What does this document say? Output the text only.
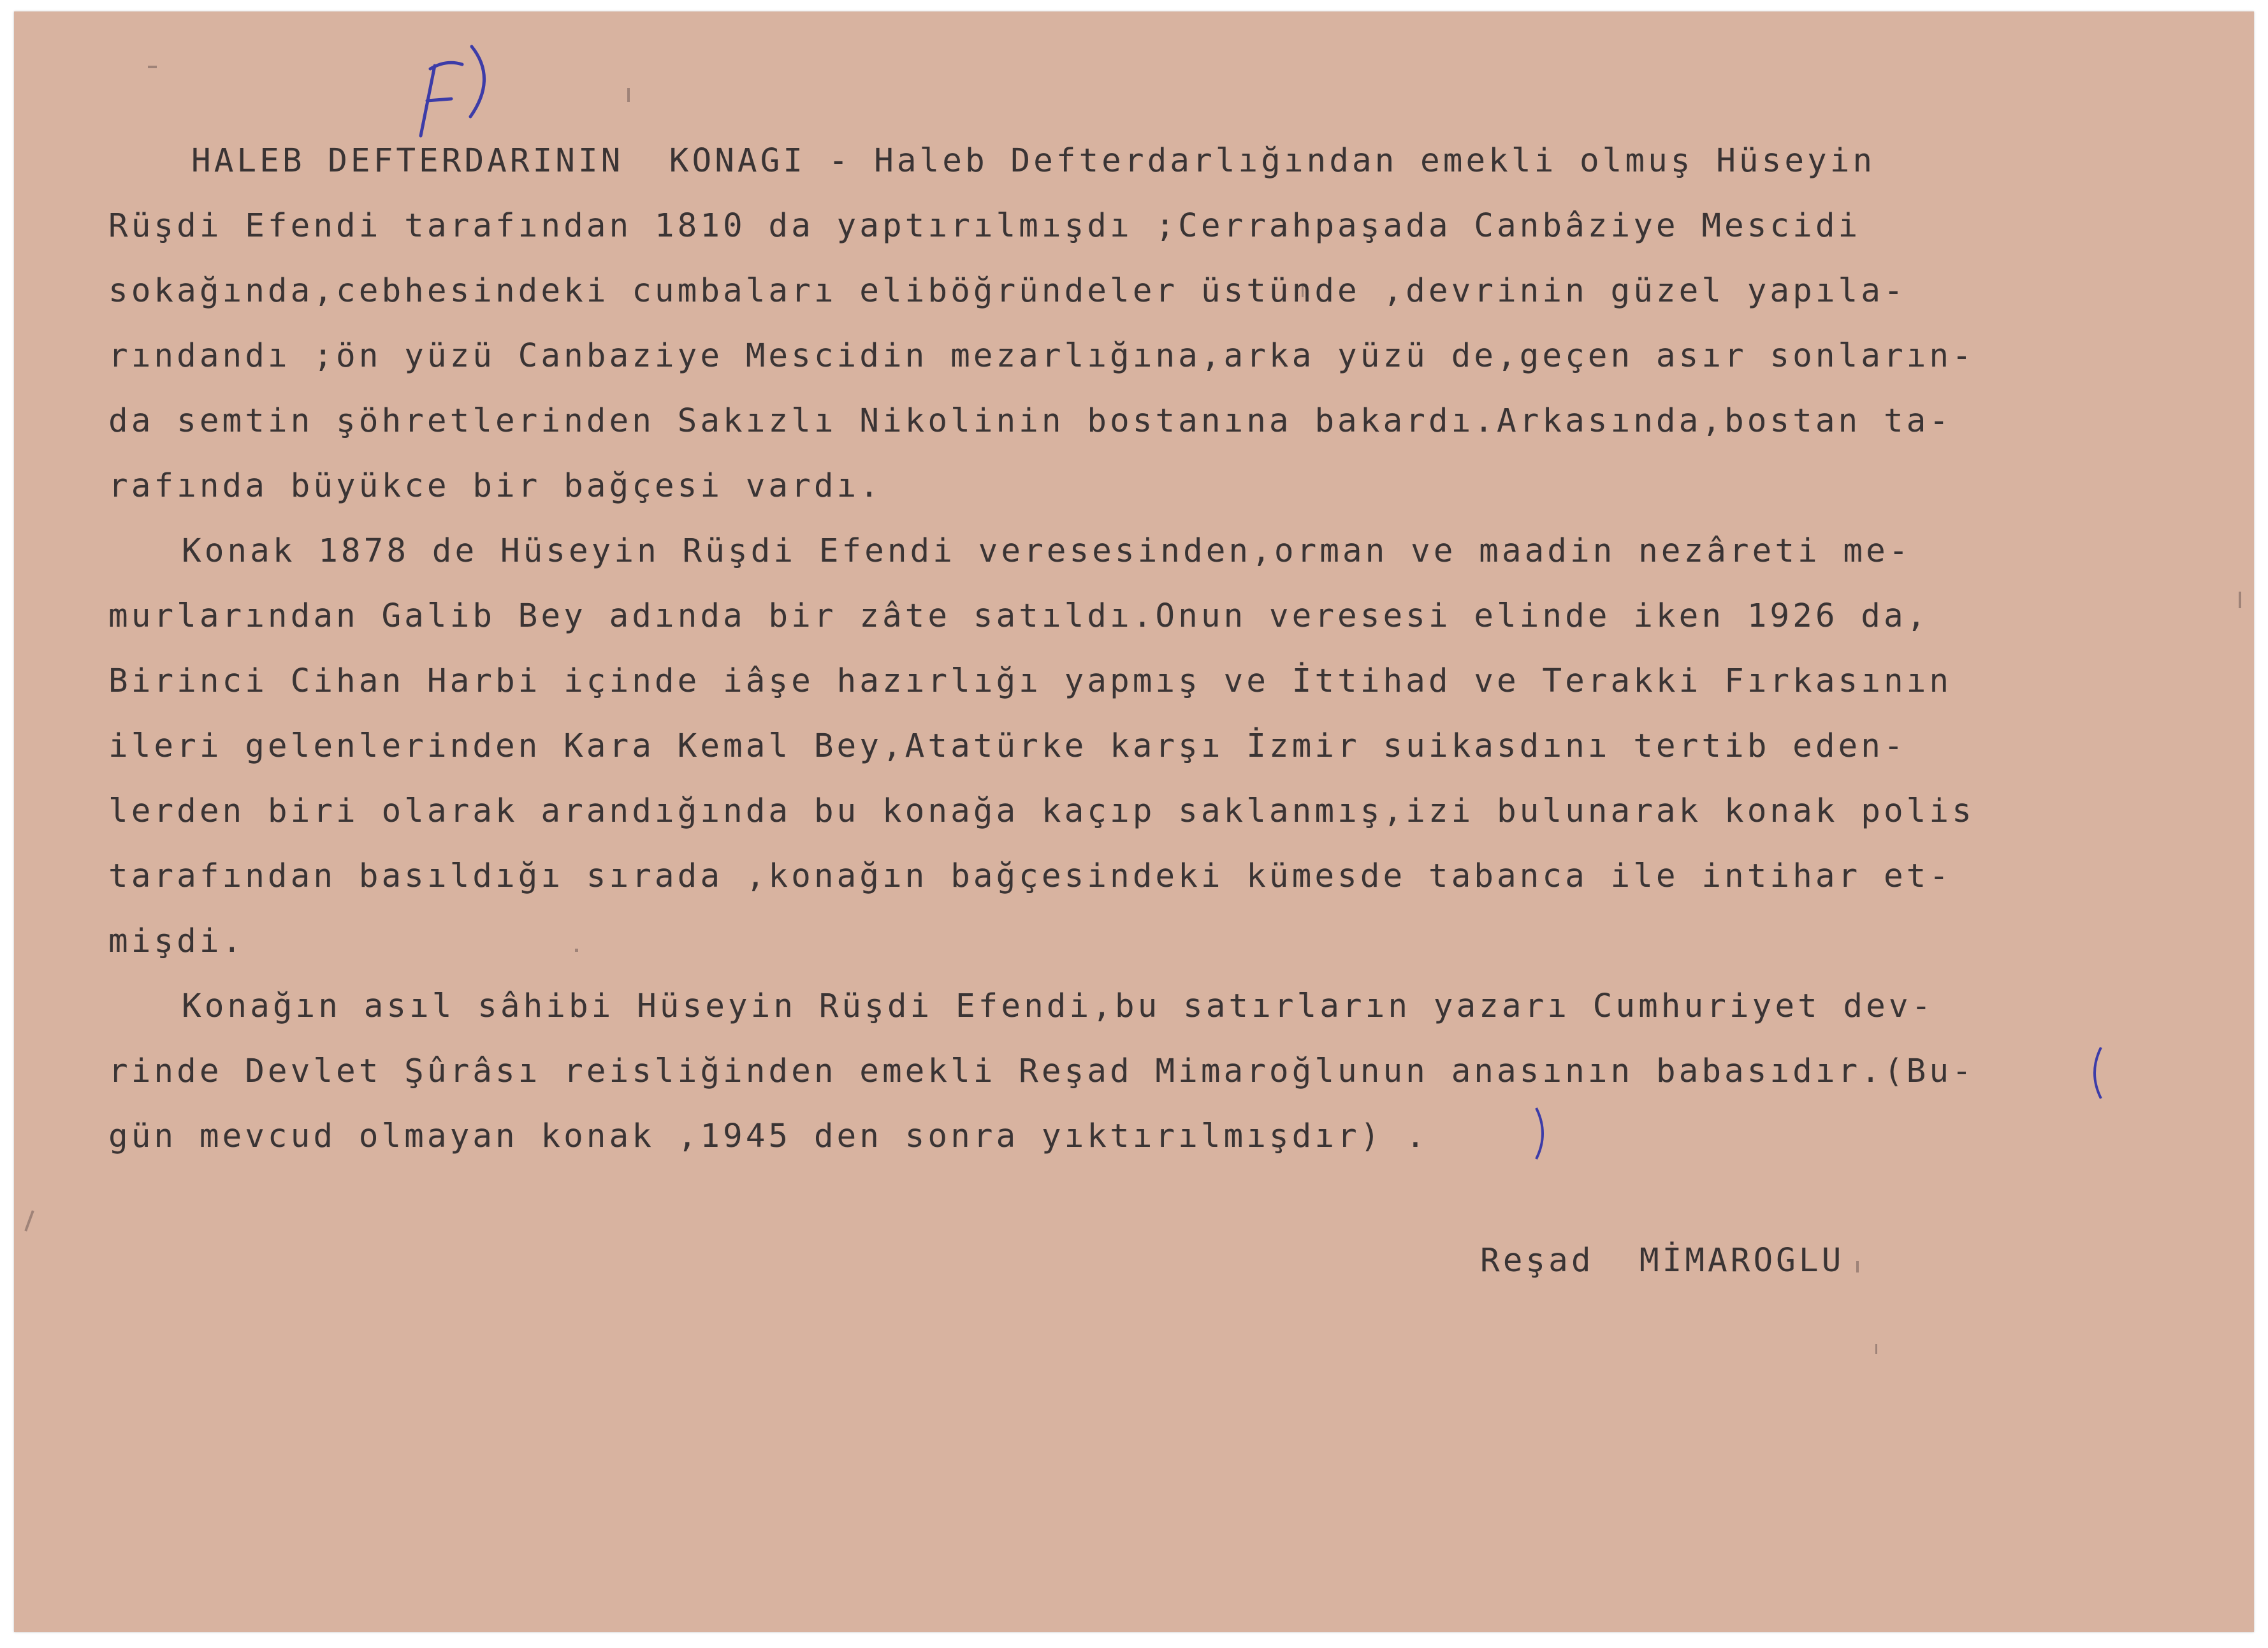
HALEB DEFTERDARININ  KONAGI - Haleb Defterdarlığından emekli olmuş Hüseyin
Rüşdi Efendi tarafından 1810 da yaptırılmışdı ;Cerrahpaşada Canbâziye Mescidi
sokağında,cebhesindeki cumbaları eliböğründeler üstünde ,devrinin güzel yapıla-
rındandı ;ön yüzü Canbaziye Mescidin mezarlığına,arka yüzü de,geçen asır sonların-
da semtin şöhretlerinden Sakızlı Nikolinin bostanına bakardı.Arkasında,bostan ta-
rafında büyükce bir bağçesi vardı.
Konak 1878 de Hüseyin Rüşdi Efendi veresesinden,orman ve maadin nezâreti me-
murlarından Galib Bey adında bir zâte satıldı.Onun veresesi elinde iken 1926 da,
Birinci Cihan Harbi içinde iâşe hazırlığı yapmış ve İttihad ve Terakki Fırkasının
ileri gelenlerinden Kara Kemal Bey,Atatürke karşı İzmir suikasdını tertib eden-
lerden biri olarak arandığında bu konağa kaçıp saklanmış,izi bulunarak konak polis
tarafından basıldığı sırada ,konağın bağçesindeki kümesde tabanca ile intihar et-
mişdi.
Konağın asıl sâhibi Hüseyin Rüşdi Efendi,bu satırların yazarı Cumhuriyet dev-
rinde Devlet Şûrâsı reisliğinden emekli Reşad Mimaroğlunun anasının babasıdır.(Bu-
gün mevcud olmayan konak ,1945 den sonra yıktırılmışdır) .
Reşad  MİMAROGLU
